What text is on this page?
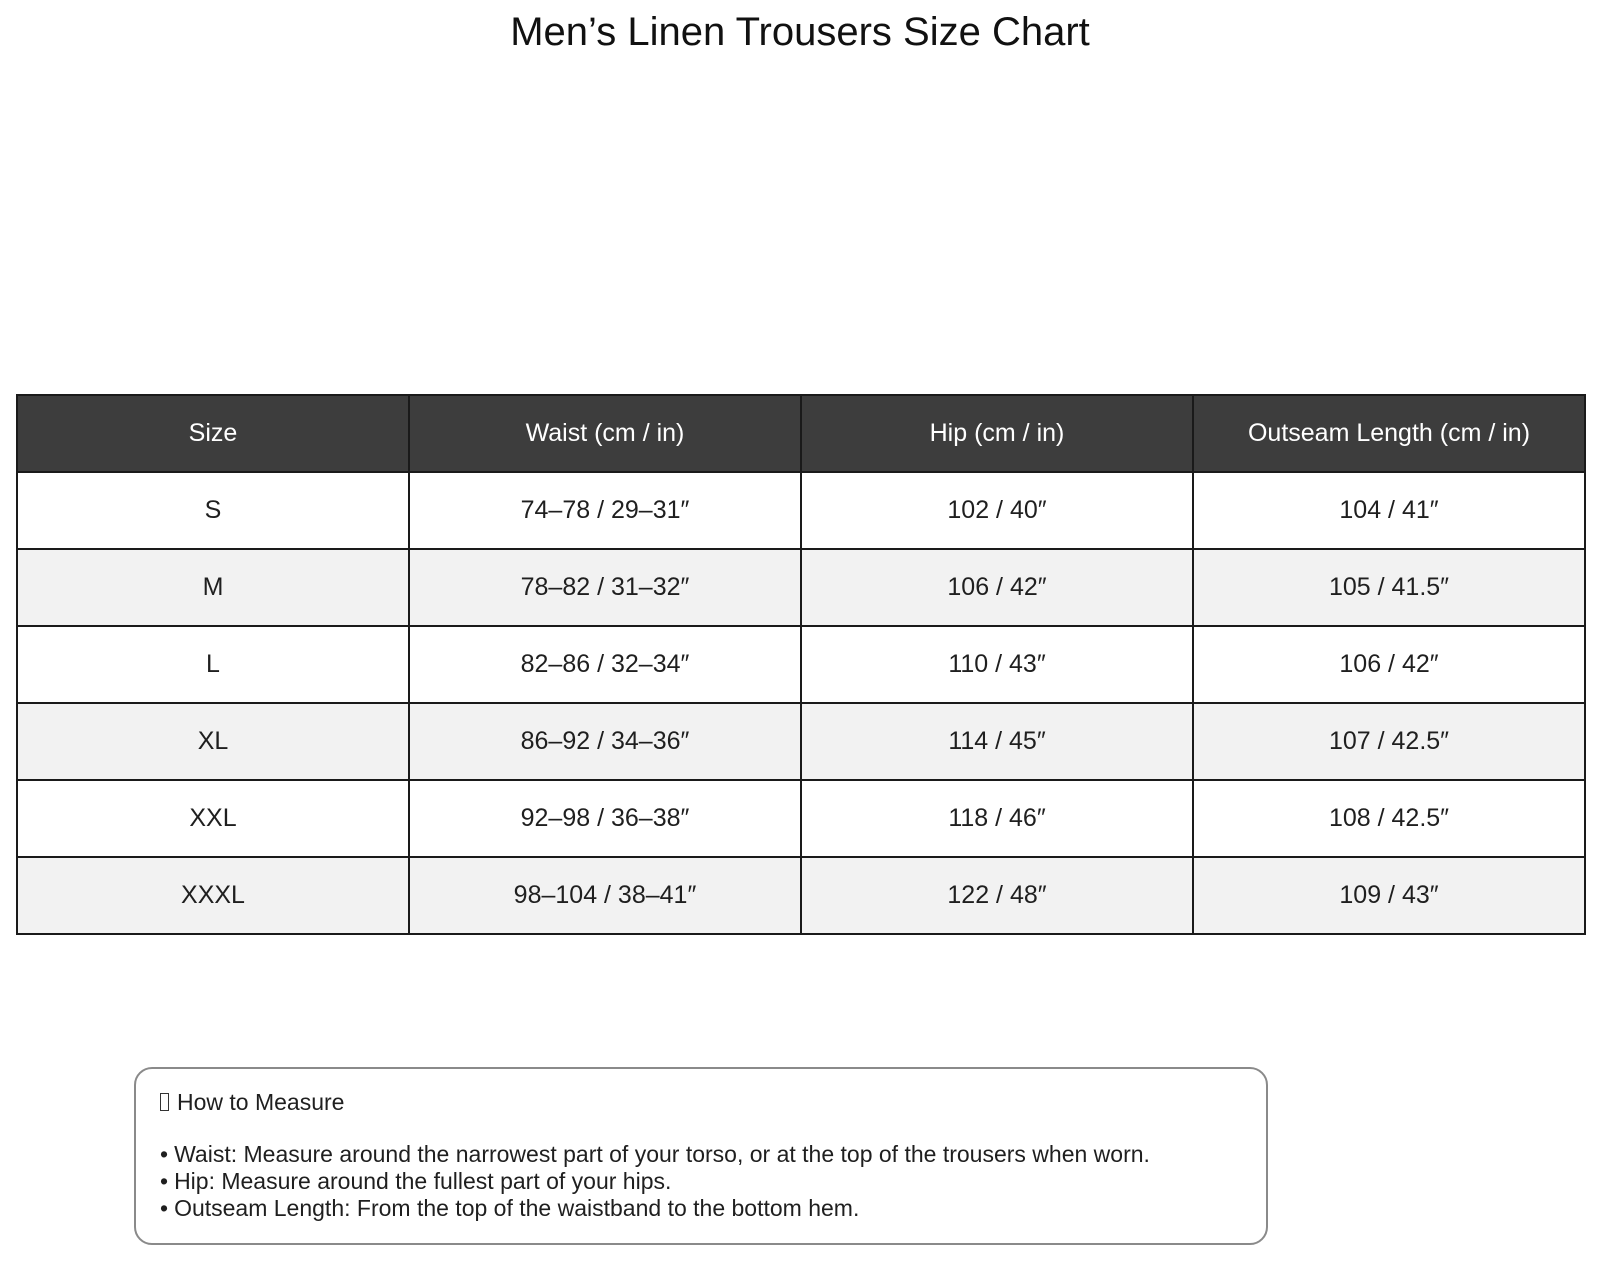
Men’s Linen Trousers Size Chart
Size	Waist (cm / in)	Hip (cm / in)	Outseam Length (cm / in)
S	74–78 / 29–31″	102 / 40″	104 / 41″
M	78–82 / 31–32″	106 / 42″	105 / 41.5″
L	82–86 / 32–34″	110 / 43″	106 / 42″
XL	86–92 / 34–36″	114 / 45″	107 / 42.5″
XXL	92–98 / 36–38″	118 / 46″	108 / 42.5″
XXXL	98–104 / 38–41″	122 / 48″	109 / 43″
How to Measure
• Waist: Measure around the narrowest part of your torso, or at the top of the trousers when worn.
• Hip: Measure around the fullest part of your hips.
• Outseam Length: From the top of the waistband to the bottom hem.
